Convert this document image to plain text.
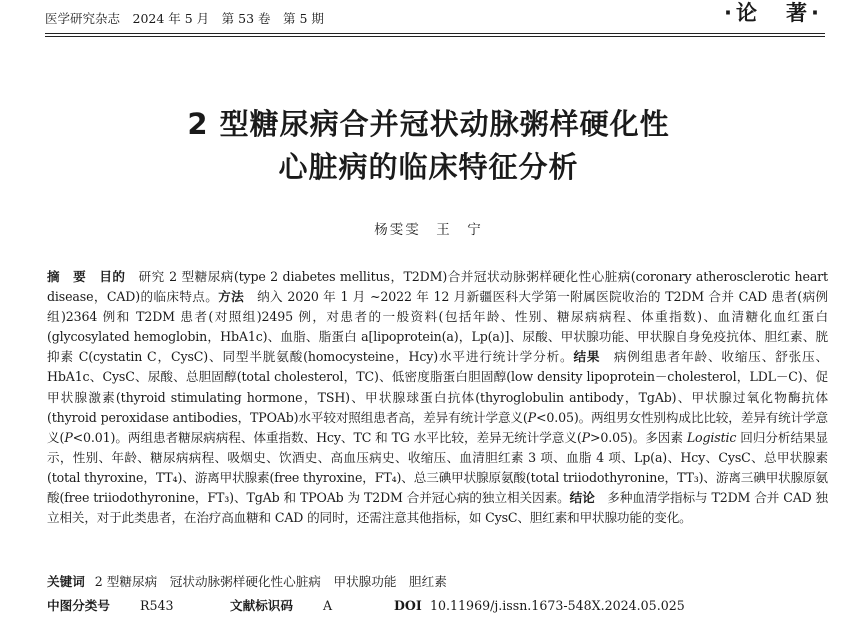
医学研究杂志　2024 年 5 月　第 53 卷　第 5 期	·论　著·
2 型糖尿病合并冠状动脉粥样硬化性
心脏病的临床特征分析
杨雯雯　王　宁
摘　要　 目的　 研究 2 型糖尿病(type 2 diabetes mellitus，T2DM)合并冠状动脉粥样硬化性心脏病(coronary atherosclerotic heart disease，CAD)的临床特点。方法　 纳入 2020 年 1 月 ~2022 年 12 月新疆医科大学第一附属医院收治的 T2DM 合并 CAD 患者(病例组)2364 例和 T2DM 患者(对照组)2495 例，对患者的一般资料(包括年龄、性别、糖尿病病程、体重指数)、血清糖化血红蛋白(glycosylated hemoglobin，HbA1c)、血脂、脂蛋白 a[lipoprotein(a)，Lp(a)]、尿酸、甲状腺功能、甲状腺自身免疫抗体、胆红素、胱抑素 C(cystatin C，CysC)、同型半胱氨酸(homocysteine，Hcy)水平进行统计学分析。结果　 病例组患者年龄、收缩压、舒张压、HbA1c、CysC、尿酸、总胆固醇(total cholesterol，TC)、低密度脂蛋白胆固醇(low density lipoprotein－cholesterol，LDL－C)、促甲状腺激素(thyroid stimulating hormone，TSH)、甲状腺球蛋白抗体(thyroglobulin antibody，TgAb)、甲状腺过氧化物酶抗体(thyroid peroxidase antibodies，TPOAb)水平较对照组患者高，差异有统计学意义(P<0.05)。两组男女性别构成比比较，差异有统计学意义(P<0.01)。两组患者糖尿病病程、体重指数、Hcy、TC 和 TG 水平比较，差异无统计学意义(P>0.05)。多因素 Logistic 回归分析结果显示，性别、年龄、糖尿病病程、吸烟史、饮酒史、高血压病史、收缩压、血清胆红素 3 项、血脂 4 项、Lp(a)、Hcy、CysC、总甲状腺素(total thyroxine，TT₄)、游离甲状腺素(free thyroxine，FT₄)、总三碘甲状腺原氨酸(total triiodothyronine，TT₃)、游离三碘甲状腺原氨酸(free triiodothyronine，FT₃)、TgAb 和 TPOAb 为 T2DM 合并冠心病的独立相关因素。结论　 多种血清学指标与 T2DM 合并 CAD 独立相关，对于此类患者，在治疗高血糖和 CAD 的同时，还需注意其他指标，如 CysC、胆红素和甲状腺功能的变化。
关键词 2 型糖尿病　冠状动脉粥样硬化性心脏病　甲状腺功能　胆红素
中图分类号 R543	文献标识码 A	DOI 10.11969/j.issn.1673-548X.2024.05.025
